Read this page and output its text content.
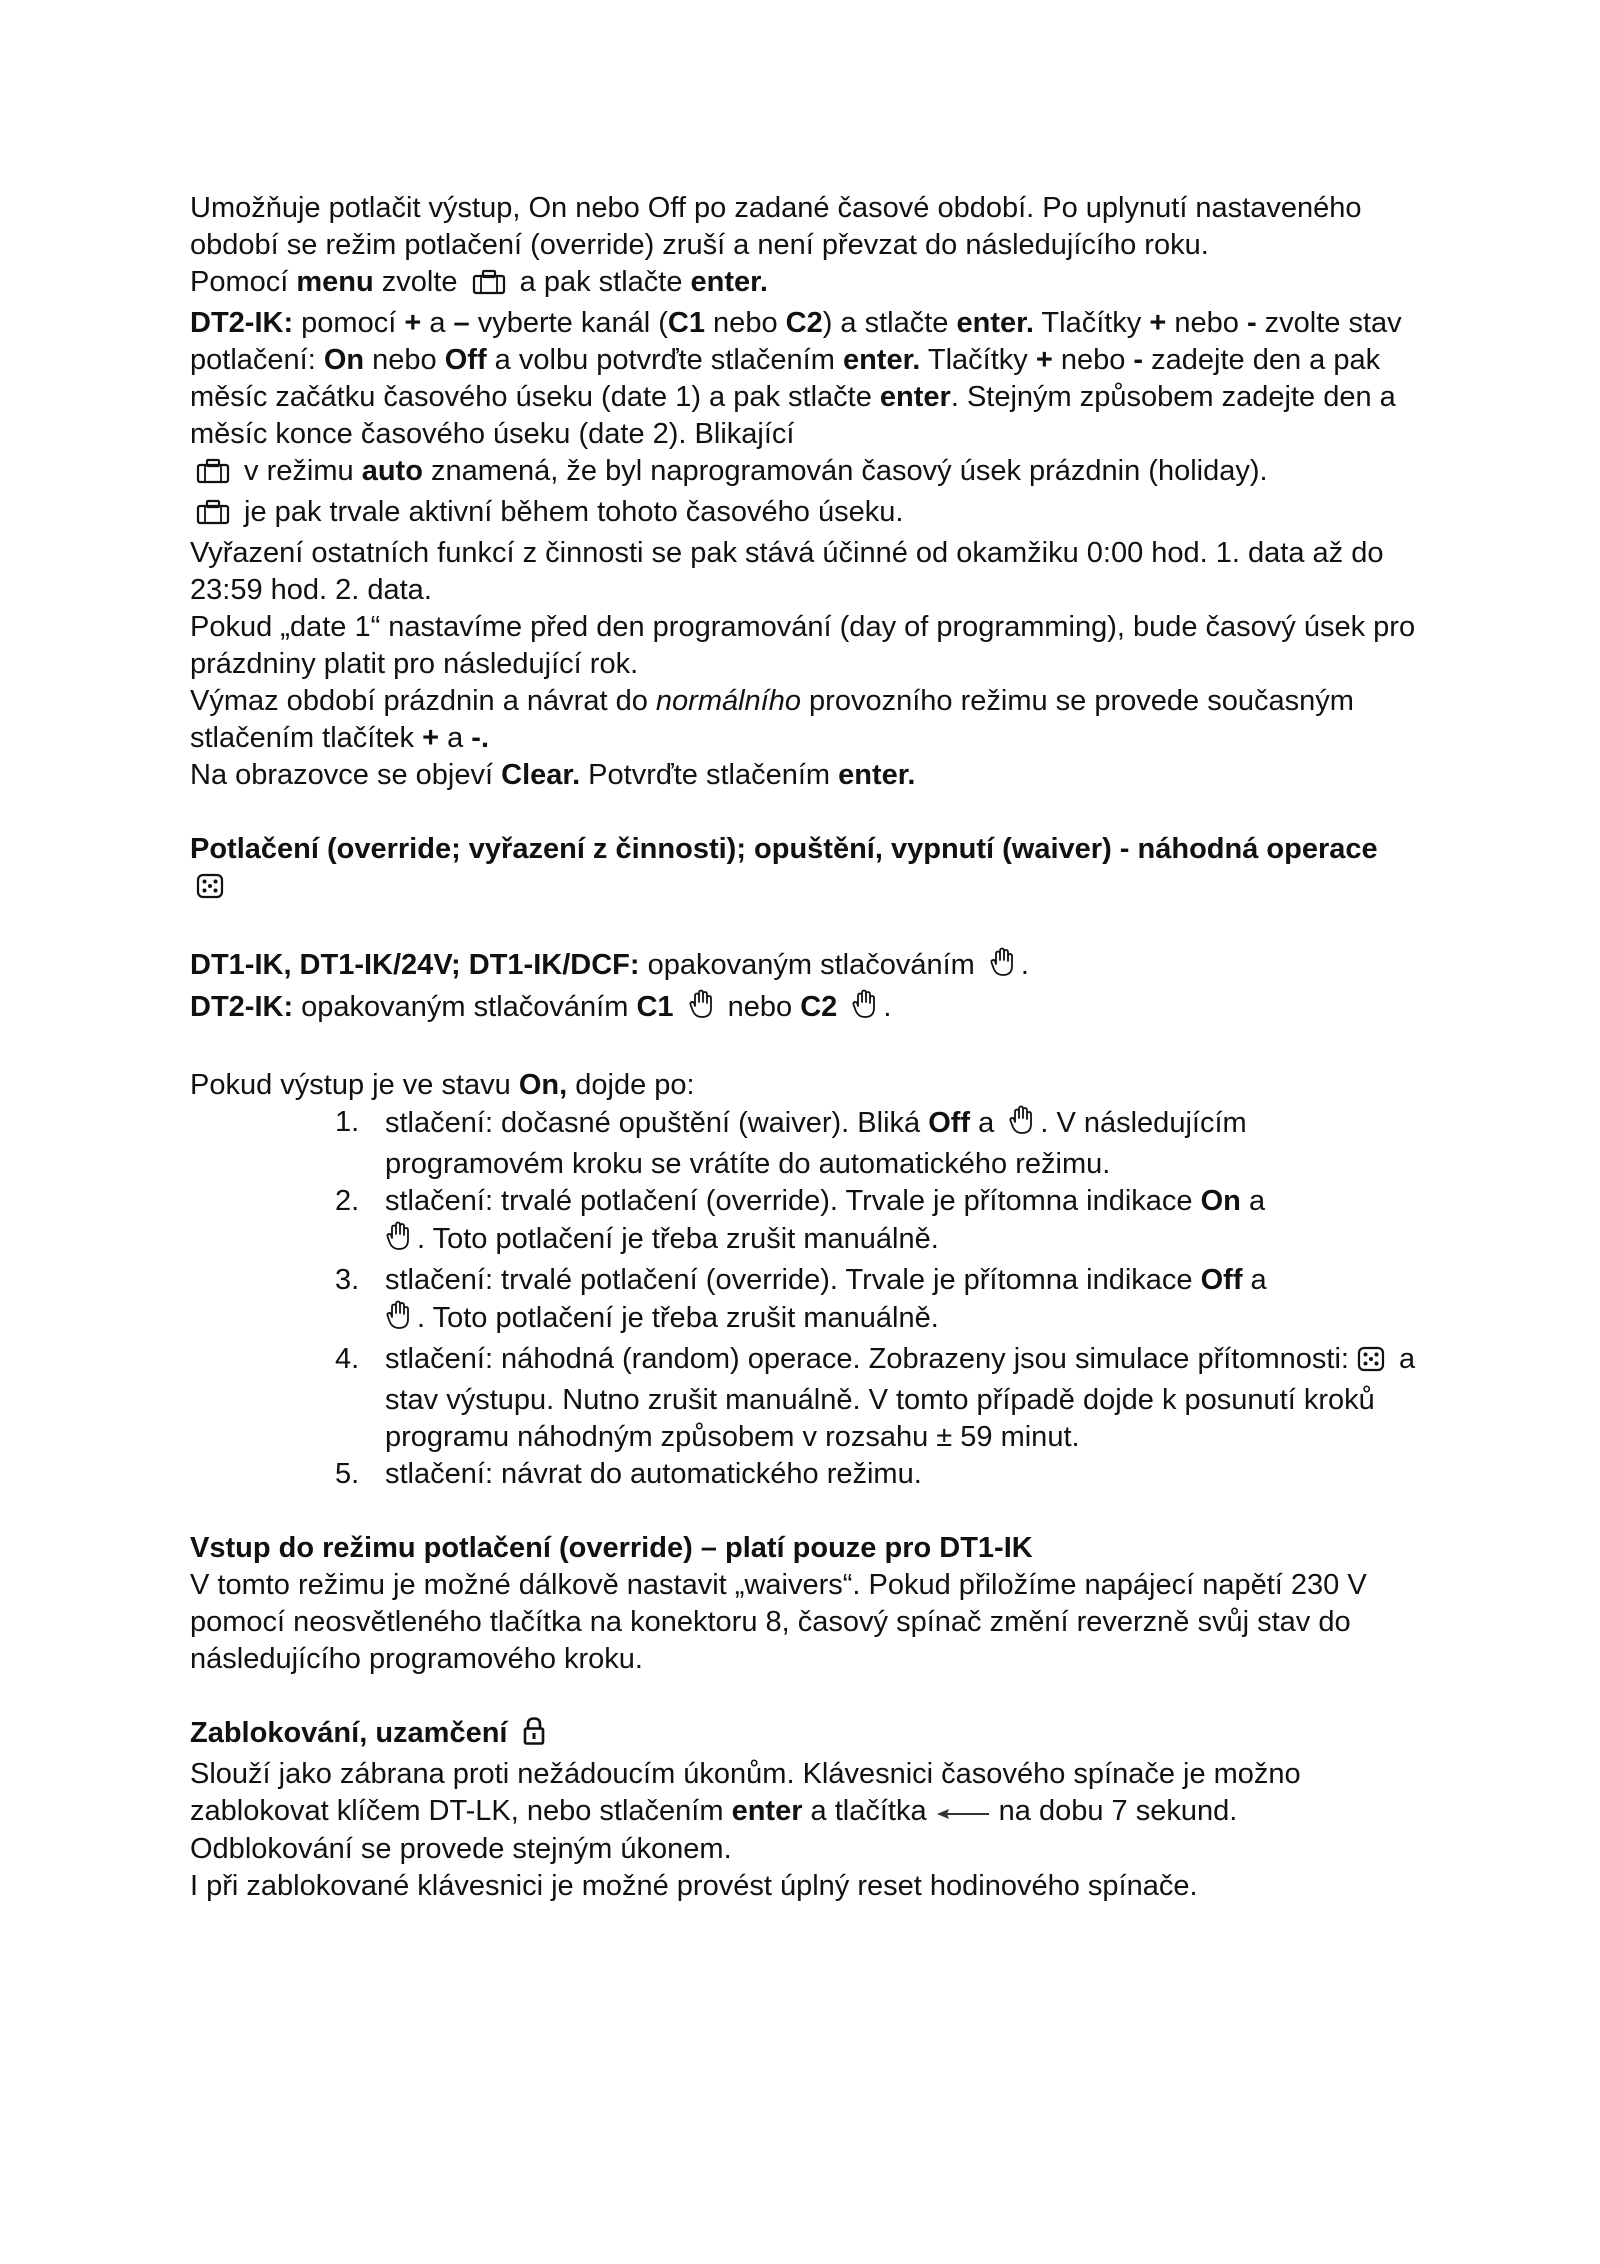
Umožňuje potlačit výstup, On nebo Off po zadané časové období. Po uplynutí nastaveného období se režim potlačení (override) zruší a není převzat do následujícího roku.

Pomocí menu zvolte a pak stlačte enter.

DT2-IK: pomocí + a – vyberte kanál (C1 nebo C2) a stlačte enter. Tlačítky + nebo - zvolte stav potlačení: On nebo Off a volbu potvrďte stlačením enter. Tlačítky + nebo - zadejte den a pak měsíc začátku časového úseku (date 1) a pak stlačte enter. Stejným způsobem zadejte den a měsíc konce časového úseku (date 2). Blikající

v režimu auto znamená, že byl naprogramován časový úsek prázdnin (holiday).

je pak trvale aktivní během tohoto časového úseku.

Vyřazení ostatních funkcí z činnosti se pak stává účinné od okamžiku 0:00 hod. 1. data až do 23:59 hod. 2. data.

Pokud „date 1“ nastavíme před den programování (day of programming), bude časový úsek pro prázdniny platit pro následující rok.

Výmaz období prázdnin a návrat do normálního provozního režimu se provede současným stlačením tlačítek + a -.

Na obrazovce se objeví Clear. Potvrďte stlačením enter.

Potlačení (override; vyřazení z činnosti); opuštění, vypnutí (waiver) - náhodná operace

DT1-IK, DT1-IK/24V; DT1-IK/DCF: opakovaným stlačováním .

DT2-IK: opakovaným stlačováním C1  nebo C2 .

Pokud výstup je ve stavu On, dojde po:

1. stlačení: dočasné opuštění (waiver). Bliká Off a . V následujícím programovém kroku se vrátíte do automatického režimu.
2. stlačení: trvalé potlačení (override). Trvale je přítomna indikace On a
. Toto potlačení je třeba zrušit manuálně.
3. stlačení: trvalé potlačení (override). Trvale je přítomna indikace Off a
. Toto potlačení je třeba zrušit manuálně.
4. stlačení: náhodná (random) operace. Zobrazeny jsou simulace přítomnosti:  a stav výstupu. Nutno zrušit manuálně. V tomto případě dojde k posunutí kroků programu náhodným způsobem v rozsahu ± 59 minut.
5. stlačení: návrat do automatického režimu.

Vstup do režimu potlačení (override) – platí pouze pro DT1-IK

V tomto režimu je možné dálkově nastavit „waivers“. Pokud přiložíme napájecí napětí 230 V pomocí neosvětleného tlačítka na konektoru 8, časový spínač změní reverzně svůj stav do následujícího programového kroku.

Zablokování, uzamčení

Slouží jako zábrana proti nežádoucím úkonům. Klávesnici časového spínače je možno zablokovat klíčem DT-LK, nebo stlačením enter a tlačítka na dobu 7 sekund.

Odblokování se provede stejným úkonem.

I při zablokované klávesnici je možné provést úplný reset hodinového spínače.
